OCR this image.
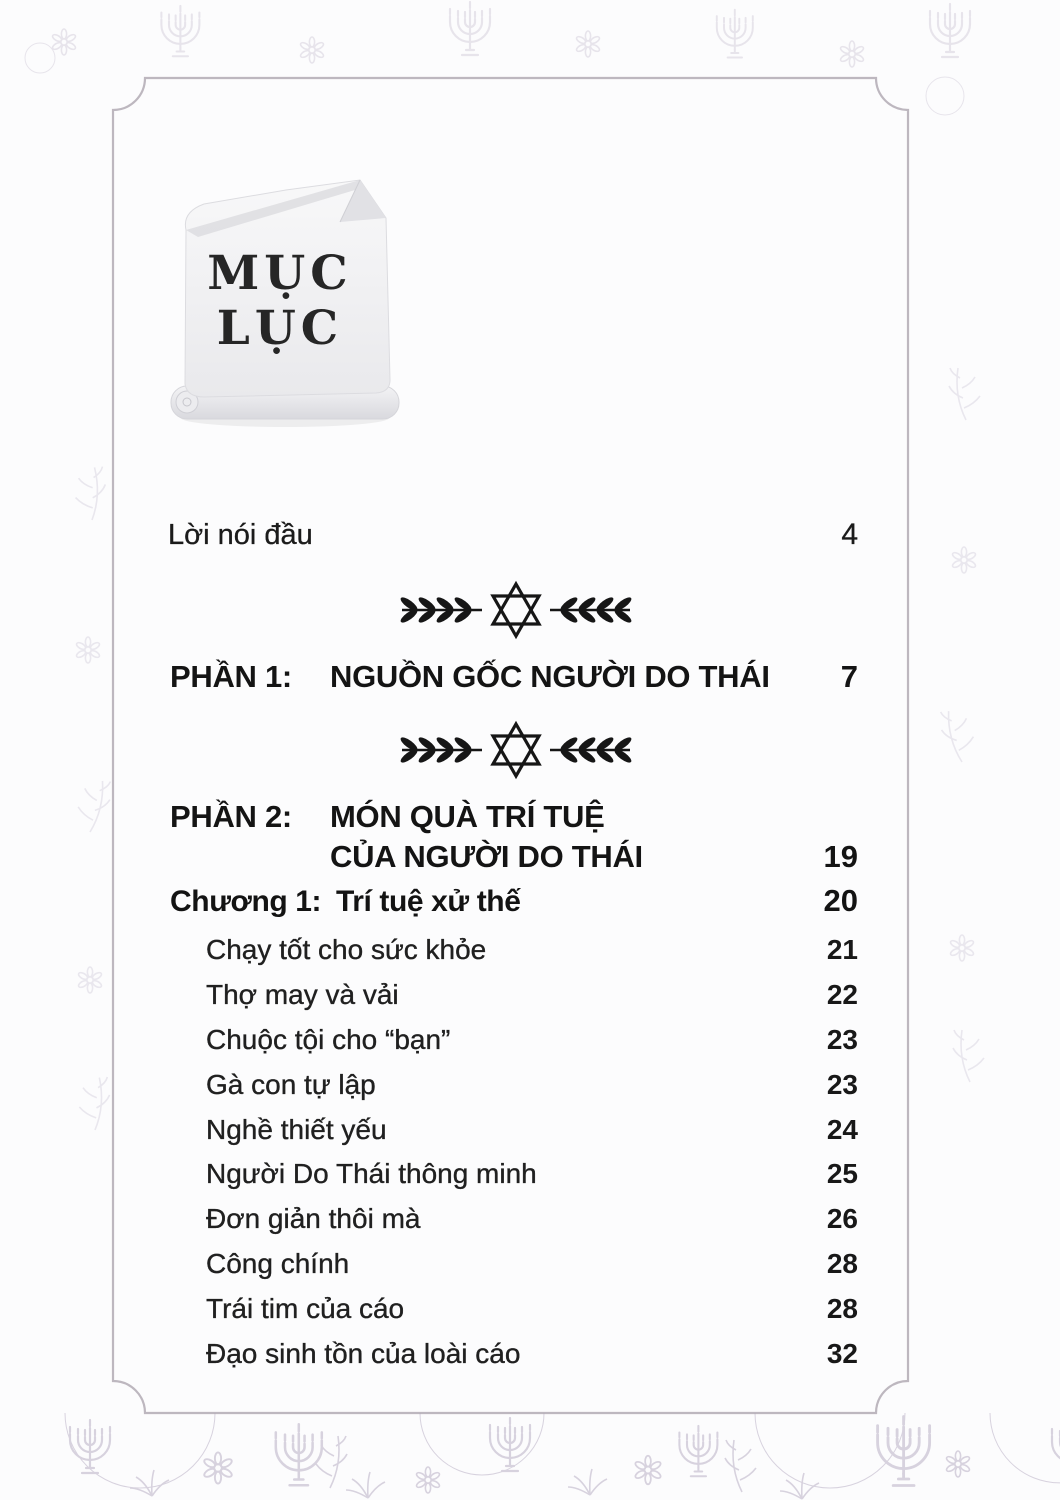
MỤC
LỤC
Lời nói đầu	4
PHẦN 1:	NGUỒN GỐC NGƯỜI DO THÁI	7
PHẦN 2:	MÓN QUÀ TRÍ TUỆ
CỦA NGƯỜI DO THÁI	19
Chương 1: Trí tuệ xử thế	20
Chạy tốt cho sức khỏe	21
Thợ may và vải	22
Chuộc tội cho “bạn”	23
Gà con tự lập	23
Nghề thiết yếu	24
Người Do Thái thông minh	25
Đơn giản thôi mà	26
Công chính	28
Trái tim của cáo	28
Đạo sinh tồn của loài cáo	32
